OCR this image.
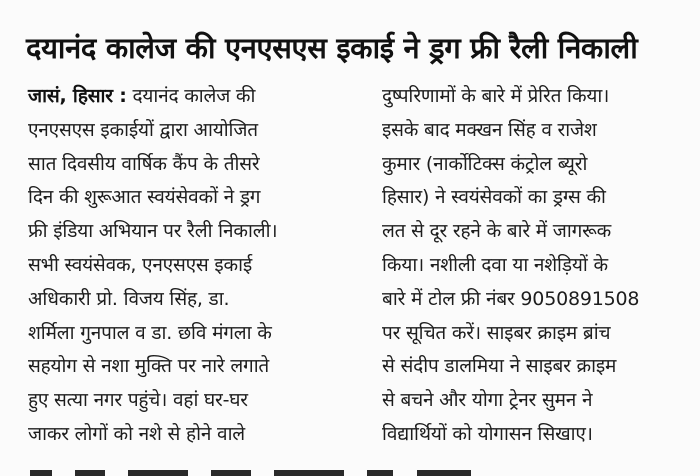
दयानंद कालेज की एनएसएस इकाई ने ड्रग फ्री रैली निकाली
जासं, हिसार : दयानंद कालेज की
एनएसएस इकाईयों द्वारा आयोजित
सात दिवसीय वार्षिक कैंप के तीसरे
दिन की शुरूआत स्वयंसेवकों ने ड्रग
फ्री इंडिया अभियान पर रैली निकाली।
सभी स्वयंसेवक, एनएसएस इकाई
अधिकारी प्रो. विजय सिंह, डा.
शर्मिला गुनपाल व डा. छवि मंगला के
सहयोग से नशा मुक्ति पर नारे लगाते
हुए सत्या नगर पहुंचे। वहां घर-घर
जाकर लोगों को नशे से होने वाले
दुष्परिणामों के बारे में प्रेरित किया।
इसके बाद मक्खन सिंह व राजेश
कुमार (नार्कोटिक्स कंट्रोल ब्यूरो
हिसार) ने स्वयंसेवकों का ड्रग्स की
लत से दूर रहने के बारे में जागरूक
किया। नशीली दवा या नशेड़ियों के
बारे में टोल फ्री नंबर 9050891508
पर सूचित करें। साइबर क्राइम ब्रांच
से संदीप डालमिया ने साइबर क्राइम
से बचने और योगा ट्रेनर सुमन ने
विद्यार्थियों को योगासन सिखाए।
